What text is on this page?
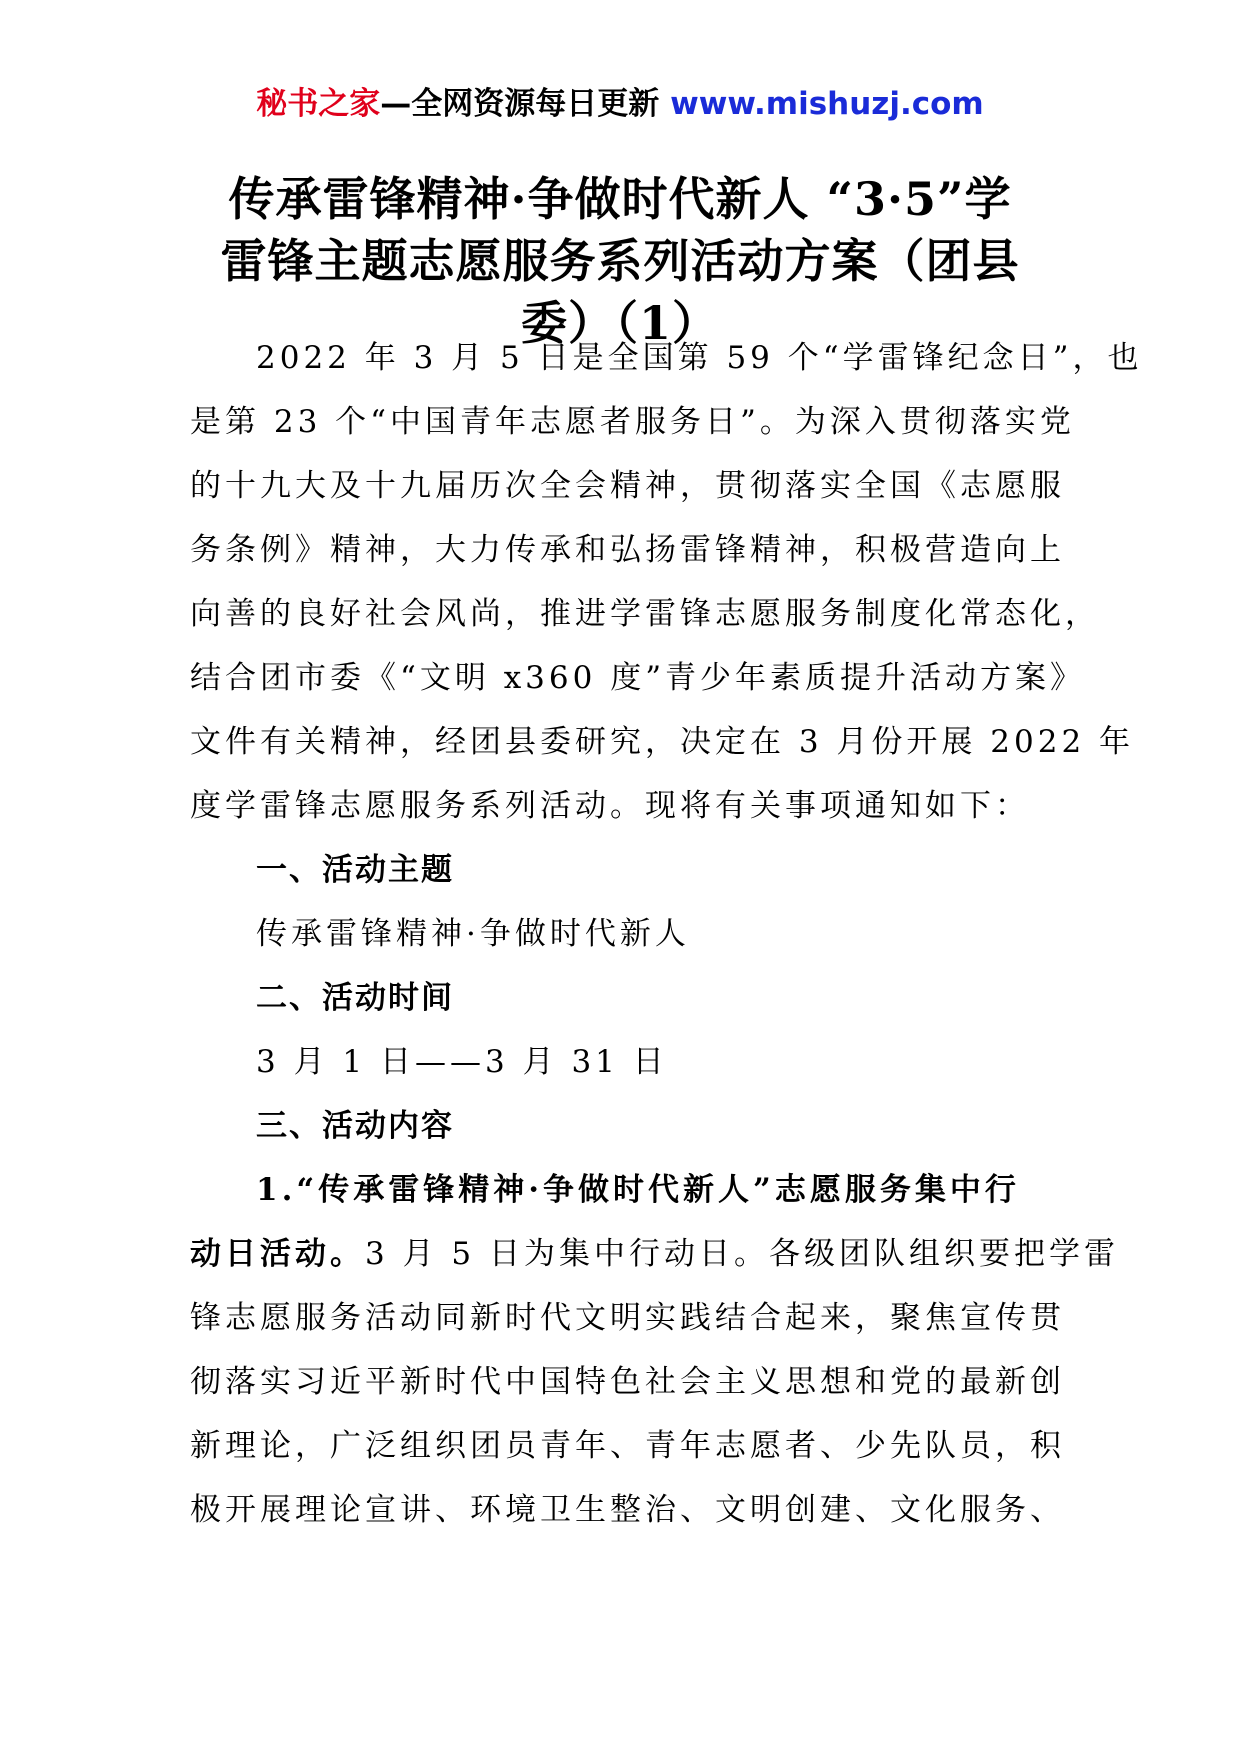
秘书之家—全网资源每日更新 www.mishuzj.com
传承雷锋精神·争做时代新人 “3·5”学
雷锋主题志愿服务系列活动方案（团县
委）（1）
2022 年 3 月 5 日是全国第 59 个“学雷锋纪念日”，也
是第 23 个“中国青年志愿者服务日”。为深入贯彻落实党
的十九大及十九届历次全会精神，贯彻落实全国《志愿服
务条例》精神，大力传承和弘扬雷锋精神，积极营造向上
向善的良好社会风尚，推进学雷锋志愿服务制度化常态化，
结合团市委《“文明 x360 度”青少年素质提升活动方案》
文件有关精神，经团县委研究，决定在 3 月份开展 2022 年
度学雷锋志愿服务系列活动。现将有关事项通知如下：
一、活动主题
传承雷锋精神·争做时代新人
二、活动时间
3 月 1 日——3 月 31 日
三、活动内容
1.“传承雷锋精神·争做时代新人”志愿服务集中行
动日活动。3 月 5 日为集中行动日。各级团队组织要把学雷
锋志愿服务活动同新时代文明实践结合起来，聚焦宣传贯
彻落实习近平新时代中国特色社会主义思想和党的最新创
新理论，广泛组织团员青年、青年志愿者、少先队员，积
极开展理论宣讲、环境卫生整治、文明创建、文化服务、
